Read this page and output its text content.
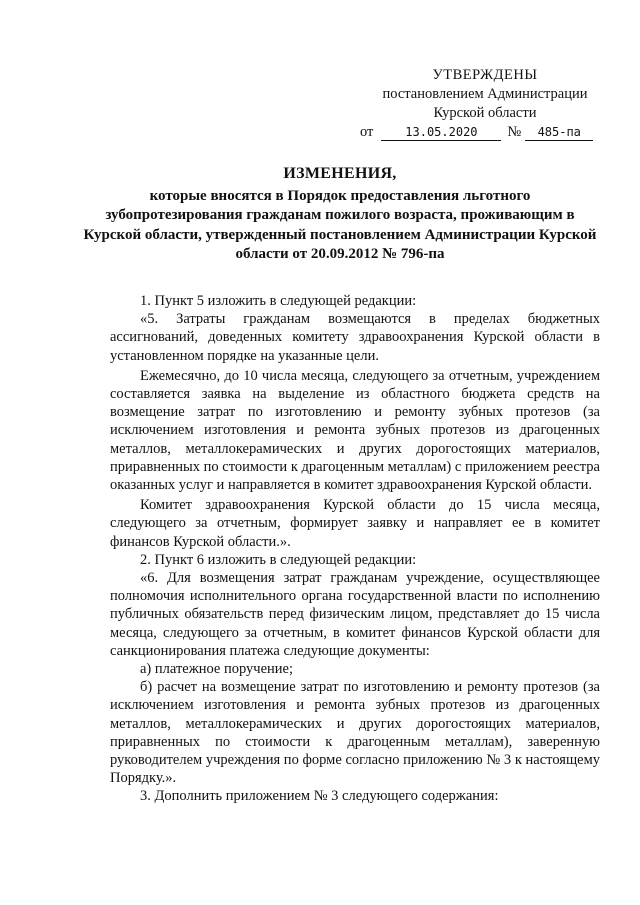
УТВЕРЖДЕНЫ
постановлением Администрации
Курской области
от	13.05.2020	№	485-па
ИЗМЕНЕНИЯ,
которые вносятся в Порядок предоставления льготного зубопротезирования гражданам пожилого возраста, проживающим в Курской области, утвержденный постановлением Администрации Курской области от 20.09.2012 № 796-па

1. Пункт 5 изложить в следующей редакции:

«5. Затраты гражданам возмещаются в пределах бюджетных ассигнований, доведенных комитету здравоохранения Курской области в установленном порядке на указанные цели.

Ежемесячно, до 10 числа месяца, следующего за отчетным, учреждением составляется заявка на выделение из областного бюджета средств на возмещение затрат по изготовлению и ремонту зубных протезов (за исключением изготовления и ремонта зубных протезов из драгоценных металлов, металлокерамических и других дорогостоящих материалов, приравненных по стоимости к драгоценным металлам) с приложением реестра оказанных услуг и направляется в комитет здравоохранения Курской области.

Комитет здравоохранения Курской области до 15 числа месяца, следующего за отчетным, формирует заявку и направляет ее в комитет финансов Курской области.».

2. Пункт 6 изложить в следующей редакции:

«6. Для возмещения затрат гражданам учреждение, осуществляющее полномочия исполнительного органа государственной власти по исполнению публичных обязательств перед физическим лицом, представляет до 15 числа месяца, следующего за отчетным, в комитет финансов Курской области для санкционирования платежа следующие документы:

а) платежное поручение;

б) расчет на возмещение затрат по изготовлению и ремонту протезов (за исключением изготовления и ремонта зубных протезов из драгоценных металлов, металлокерамических и других дорогостоящих материалов, приравненных по стоимости к драгоценным металлам), заверенную руководителем учреждения по форме согласно приложению № 3 к настоящему Порядку.».

3. Дополнить приложением № 3 следующего содержания:
